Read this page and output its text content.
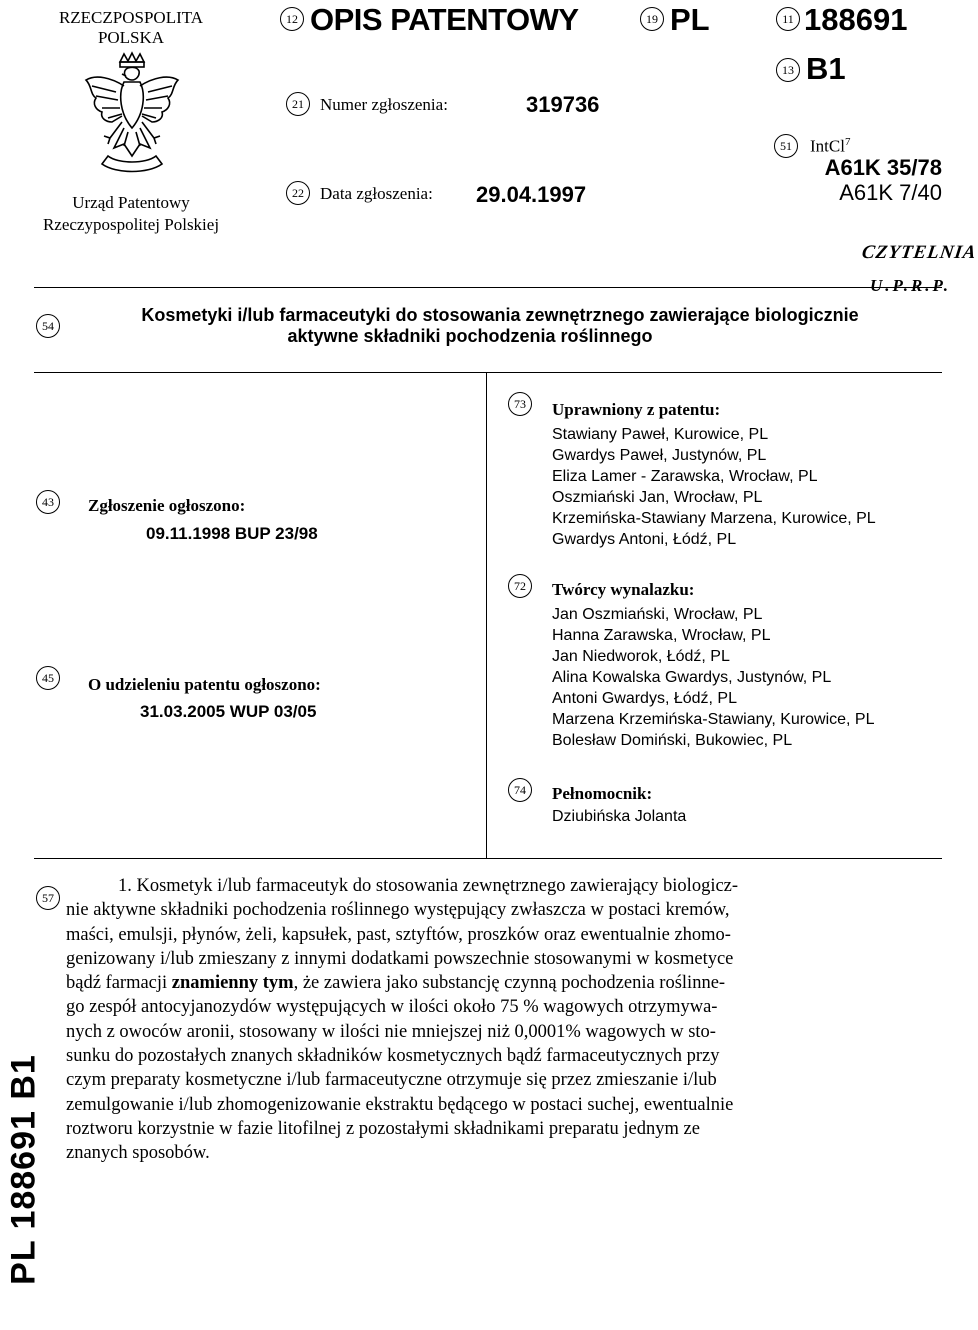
RZECZPOSPOLITA
POLSKA
Urząd Patentowy
Rzeczypospolitej Polskiej
12 OPIS PATENTOWY	19 PL	11 188691
13 B1
21 Numer zgłoszenia:	319736
22 Data zgłoszenia: 29.04.1997
51	IntCl$^7$
A61K 35/78
A61K 7/40
CZYTELNIA
U.P.R.P.
54
Kosmetyki i/lub farmaceutyki do stosowania zewnętrznego zawierające biologicznie
aktywne składniki pochodzenia roślinnego
43	Zgłoszenie ogłoszono:
09.11.1998 BUP 23/98
45	O udzieleniu patentu ogłoszono:
31.03.2005 WUP 03/05
73	Uprawniony z patentu:
Stawiany Paweł, Kurowice, PL
Gwardys Paweł, Justynów, PL
Eliza Lamer - Zarawska, Wrocław, PL
Oszmiański Jan, Wrocław, PL
Krzemińska-Stawiany Marzena, Kurowice, PL
Gwardys Antoni, Łódź, PL
72	Twórcy wynalazku:
Jan Oszmiański, Wrocław, PL
Hanna Zarawska, Wrocław, PL
Jan Niedworok, Łódź, PL
Alina Kowalska Gwardys, Justynów, PL
Antoni Gwardys, Łódź, PL
Marzena Krzemińska-Stawiany, Kurowice, PL
Bolesław Domiński, Bukowiec, PL
74	Pełnomocnik:
Dziubińska Jolanta
57
1. Kosmetyk i/lub farmaceutyk do stosowania zewnętrznego zawierający biologicz-
nie aktywne składniki pochodzenia roślinnego występujący zwłaszcza w postaci kremów,
maści, emulsji, płynów, żeli, kapsułek, past, sztyftów, proszków oraz ewentualnie zhomo-
genizowany i/lub zmieszany z innymi dodatkami powszechnie stosowanymi w kosmetyce
bądź farmacji znamienny tym, że zawiera jako substancję czynną pochodzenia roślinne-
go zespół antocyjanozydów występujących w ilości około 75 % wagowych otrzymywa-
nych z owoców aronii, stosowany w ilości nie mniejszej niż 0,0001% wagowych w sto-
sunku do pozostałych znanych składników kosmetycznych bądź farmaceutycznych przy
czym preparaty kosmetyczne i/lub farmaceutyczne otrzymuje się przez zmieszanie i/lub
zemulgowanie i/lub zhomogenizowanie ekstraktu będącego w postaci suchej, ewentualnie
roztworu korzystnie w fazie litofilnej z pozostałymi składnikami preparatu jednym ze
znanych sposobów.
PL 188691 B1
